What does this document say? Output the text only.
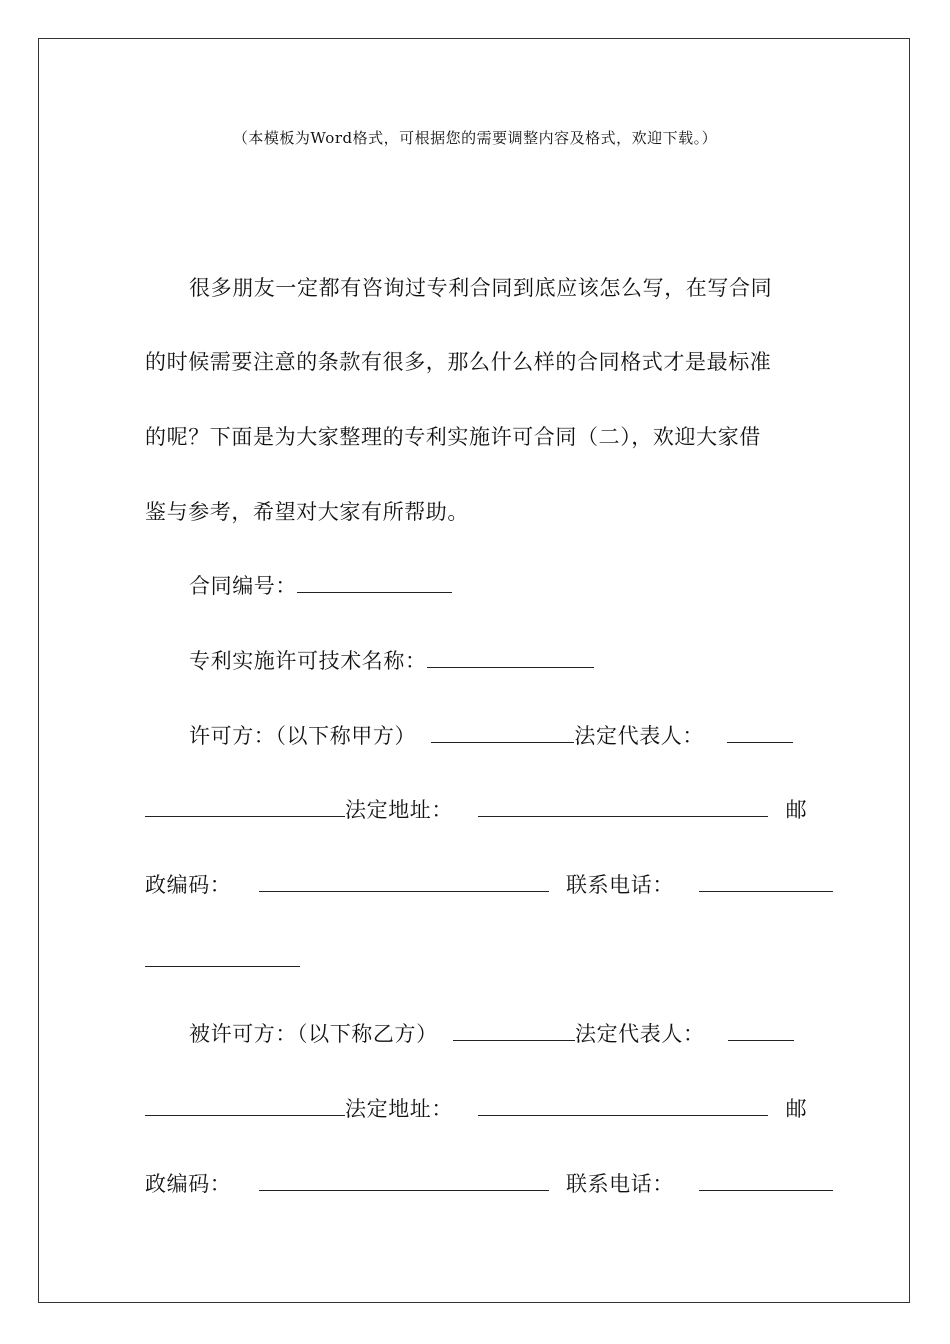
（本模板为Word格式，可根据您的需要调整内容及格式，欢迎下载。）
很多朋友一定都有咨询过专利合同到底应该怎么写，在写合同
的时候需要注意的条款有很多，那么什么样的合同格式才是最标准
的呢？下面是为大家整理的专利实施许可合同（二），欢迎大家借
鉴与参考，希望对大家有所帮助。
合同编号：
专利实施许可技术名称：
许可方：（以下称甲方）	法定代表人：
法定地址：	邮
政编码：	联系电话：
被许可方：（以下称乙方）	法定代表人：
法定地址：	邮
政编码：	联系电话：
